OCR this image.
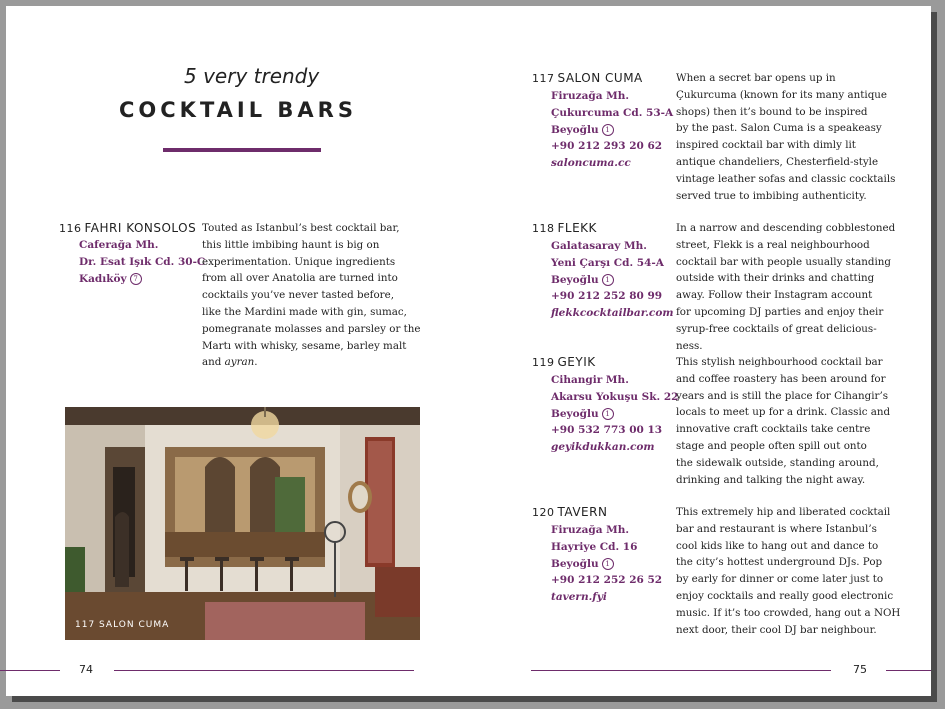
5 very trendy
COCKTAIL BARS
116 FAHRI KONSOLOS
Caferağa Mh.
Dr. Esat Işık Cd. 30-C
Kadıköy 7
Touted as Istanbul’s best cocktail bar,
this little imbibing haunt is big on
experimentation. Unique ingredients
from all over Anatolia are turned into
cocktails you’ve never tasted before,
like the Mardini made with gin, sumac,
pomegranate molasses and parsley or the
Martı with whisky, sesame, barley malt
and ayran.
117 SALON CUMA
74
117 SALON CUMA
Firuzağa Mh.
Çukurcuma Cd. 53-A
Beyoğlu 1
+90 212 293 20 62
saloncuma.cc
When a secret bar opens up in
Çukurcuma (known for its many antique
shops) then it’s bound to be inspired
by the past. Salon Cuma is a speakeasy
inspired cocktail bar with dimly lit
antique chandeliers, Chesterfield-style
vintage leather sofas and classic cocktails
served true to imbibing authenticity.
118 FLEKK
Galatasaray Mh.
Yeni Çarşı Cd. 54-A
Beyoğlu 1
+90 212 252 80 99
flekkcocktailbar.com
In a narrow and descending cobblestoned
street, Flekk is a real neighbourhood
cocktail bar with people usually standing
outside with their drinks and chatting
away. Follow their Instagram account
for upcoming DJ parties and enjoy their
syrup-free cocktails of great delicious-ness.
119 GEYIK
Cihangir Mh.
Akarsu Yokuşu Sk. 22
Beyoğlu 1
+90 532 773 00 13
geyikdukkan.com
This stylish neighbourhood cocktail bar
and coffee roastery has been around for
years and is still the place for Cihangir’s
locals to meet up for a drink. Classic and
innovative craft cocktails take centre
stage and people often spill out onto
the sidewalk outside, standing around,
drinking and talking the night away.
120 TAVERN
Firuzağa Mh.
Hayriye Cd. 16
Beyoğlu 1
+90 212 252 26 52
tavern.fyi
This extremely hip and liberated cocktail
bar and restaurant is where Istanbul’s
cool kids like to hang out and dance to
the city’s hottest underground DJs. Pop
by early for dinner or come later just to
enjoy cocktails and really good electronic
music. If it’s too crowded, hang out a NOH
next door, their cool DJ bar neighbour.
75
